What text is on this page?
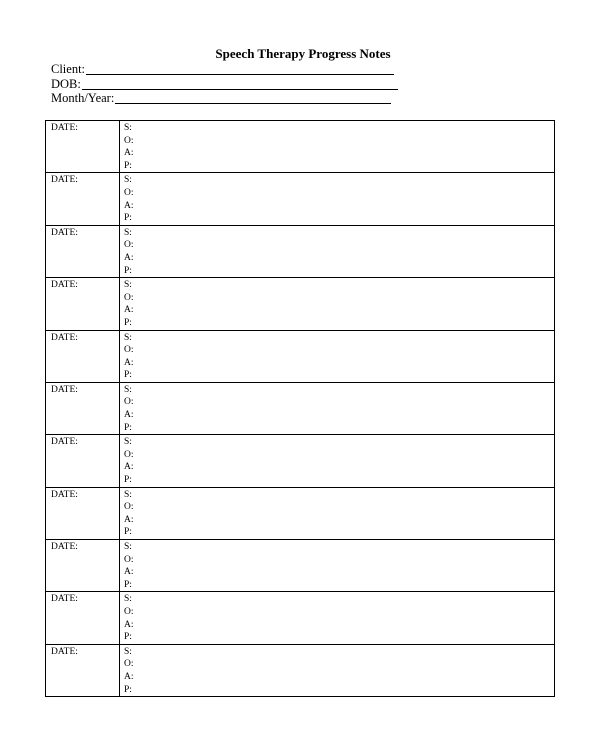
Speech Therapy Progress Notes
Client:
DOB:
Month/Year:
DATE:	S:
O:
A:
P:

DATE:	S:
O:
A:
P:

DATE:	S:
O:
A:
P:

DATE:	S:
O:
A:
P:

DATE:	S:
O:
A:
P:

DATE:	S:
O:
A:
P:

DATE:	S:
O:
A:
P:

DATE:	S:
O:
A:
P:

DATE:	S:
O:
A:
P:

DATE:	S:
O:
A:
P:

DATE:	S:
O:
A:
P:
